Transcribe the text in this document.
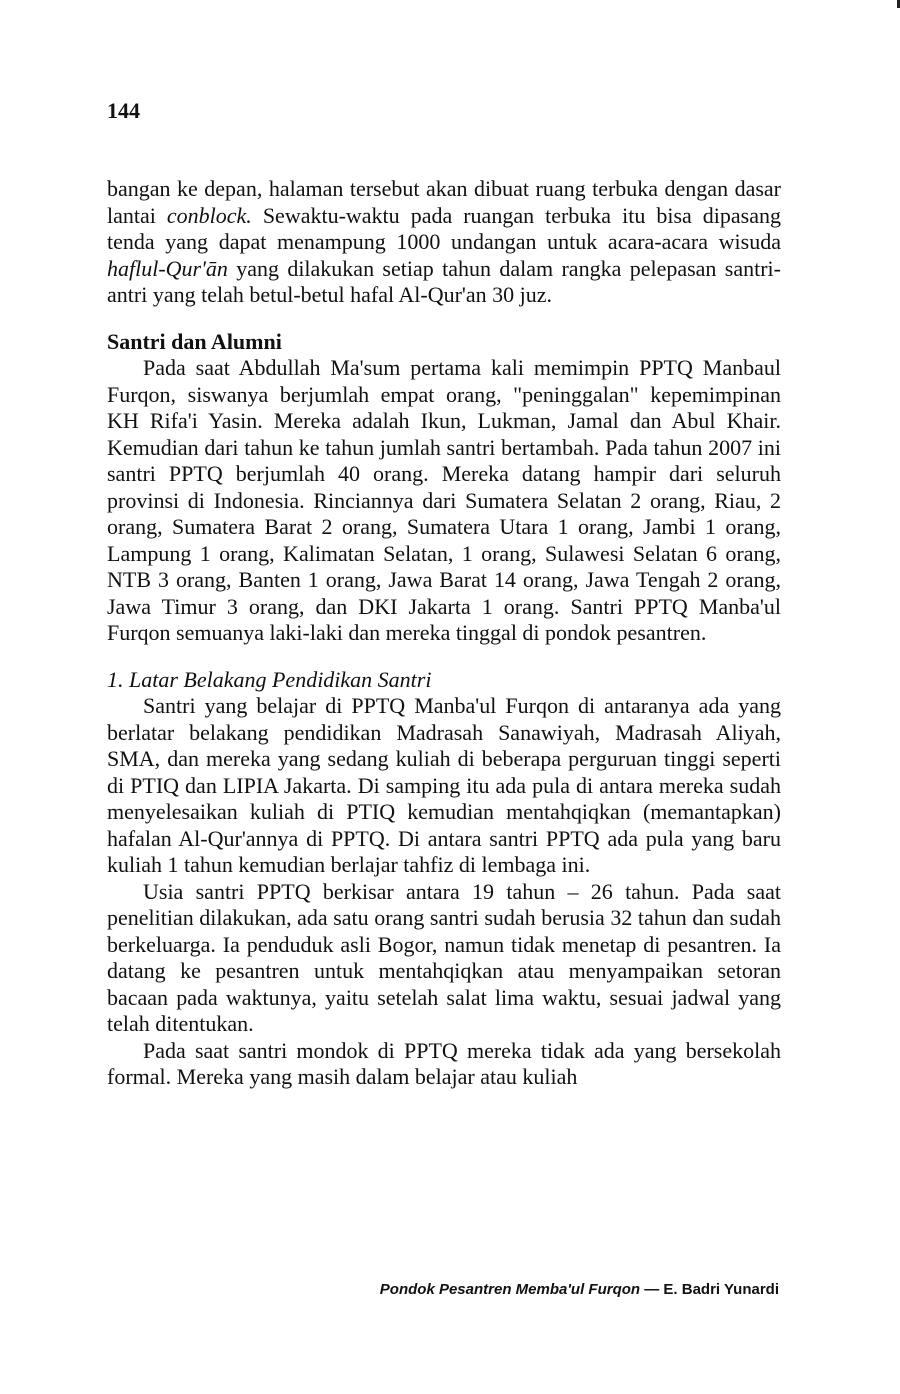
144

bangan ke depan, halaman tersebut akan dibuat ruang terbuka dengan dasar lantai conblock. Sewaktu-waktu pada ruangan terbuka itu bisa dipasang tenda yang dapat menampung 1000 undangan untuk acara-acara wisuda haflul-Qur'ān yang dilakukan setiap tahun dalam rangka pelepasan santri-antri yang telah betul-betul hafal Al-Qur'an 30 juz.

Santri dan Alumni

Pada saat Abdullah Ma'sum pertama kali memimpin PPTQ Manbaul Furqon, siswanya berjumlah empat orang, "peninggalan" kepemimpinan KH Rifa'i Yasin. Mereka adalah Ikun, Lukman, Jamal dan Abul Khair. Kemudian dari tahun ke tahun jumlah santri bertambah. Pada tahun 2007 ini santri PPTQ berjumlah 40 orang. Mereka datang hampir dari seluruh provinsi di Indonesia. Rinciannya dari Sumatera Selatan 2 orang, Riau, 2 orang, Sumatera Barat 2 orang, Sumatera Utara 1 orang, Jambi 1 orang, Lampung 1 orang, Kalimatan Selatan, 1 orang, Sulawesi Selatan 6 orang, NTB 3 orang, Banten 1 orang, Jawa Barat 14 orang, Jawa Tengah 2 orang, Jawa Timur 3 orang, dan DKI Jakarta 1 orang. Santri PPTQ Manba'ul Furqon semuanya laki-laki dan mereka tinggal di pondok pesantren.

1. Latar Belakang Pendidikan Santri

Santri yang belajar di PPTQ Manba'ul Furqon di antaranya ada yang berlatar belakang pendidikan Madrasah Sanawiyah, Madrasah Aliyah, SMA, dan mereka yang sedang kuliah di beberapa perguruan tinggi seperti di PTIQ dan LIPIA Jakarta. Di samping itu ada pula di antara mereka sudah menyelesaikan kuliah di PTIQ kemudian mentahqiqkan (memantapkan) hafalan Al-Qur'annya di PPTQ. Di antara santri PPTQ ada pula yang baru kuliah 1 tahun kemudian berlajar tahfiz di lembaga ini.

Usia santri PPTQ berkisar antara 19 tahun – 26 tahun. Pada saat penelitian dilakukan, ada satu orang santri sudah berusia 32 tahun dan sudah berkeluarga. Ia penduduk asli Bogor, namun tidak menetap di pesantren. Ia datang ke pesantren untuk mentahqiqkan atau menyampaikan setoran bacaan pada waktunya, yaitu setelah salat lima waktu, sesuai jadwal yang telah ditentukan.

Pada saat santri mondok di PPTQ mereka tidak ada yang bersekolah formal. Mereka yang masih dalam belajar atau kuliah

Pondok Pesantren Memba'ul Furqon — E. Badri Yunardi
